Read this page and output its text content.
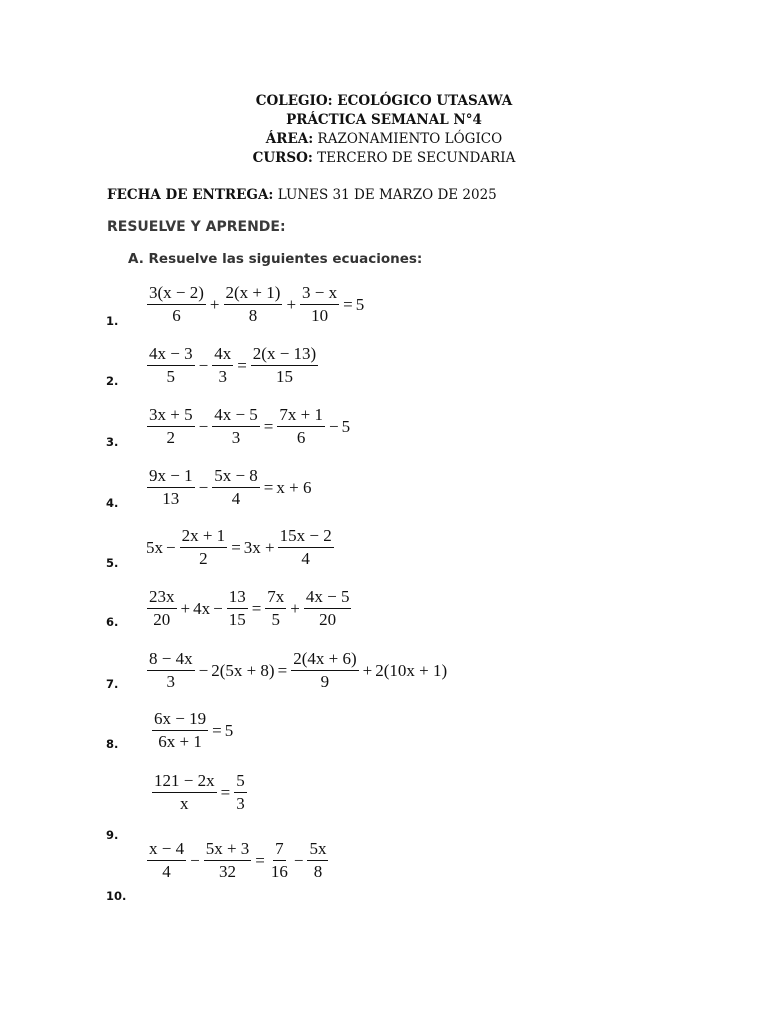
COLEGIO: ECOLÓGICO UTASAWA
PRÁCTICA SEMANAL N°4
ÁREA: RAZONAMIENTO LÓGICO
CURSO: TERCERO DE SECUNDARIA
FECHA DE ENTREGA: LUNES 31 DE MARZO DE 2025
RESUELVE Y APRENDE:
A. Resuelve las siguientes ecuaciones:
1. $\frac{3(x - 2)}{6} + \frac{2(x + 1)}{8} + \frac{3 - x}{10} = 5$
2. $\frac{4x - 3}{5} - \frac{4x}{3} = \frac{2(x - 13)}{15}$
3. $\frac{3x + 5}{2} - \frac{4x - 5}{3} = \frac{7x + 1}{6} - 5$
4. $\frac{9x - 1}{13} - \frac{5x - 8}{4} = x + 6$
5.
$5x - \frac{2x + 1}{2} = 3x + \frac{15x - 2}{4}$
6. $\frac{23x}{20} + 4x - \frac{13}{15} = \frac{7x}{5} + \frac{4x - 5}{20}$
7. $\frac{8 - 4x}{3} - 2(5x + 8) = \frac{2(4x + 6)}{9} + 2(10x + 1)$
8. $\frac{6x - 19}{6x + 1} = 5$
9.
$\frac{121 - 2x}{x} = \frac{5}{3}$
10.
$\frac{x - 4}{4} - \frac{5x + 3}{32} = \frac{7}{16} - \frac{5x}{8}$
